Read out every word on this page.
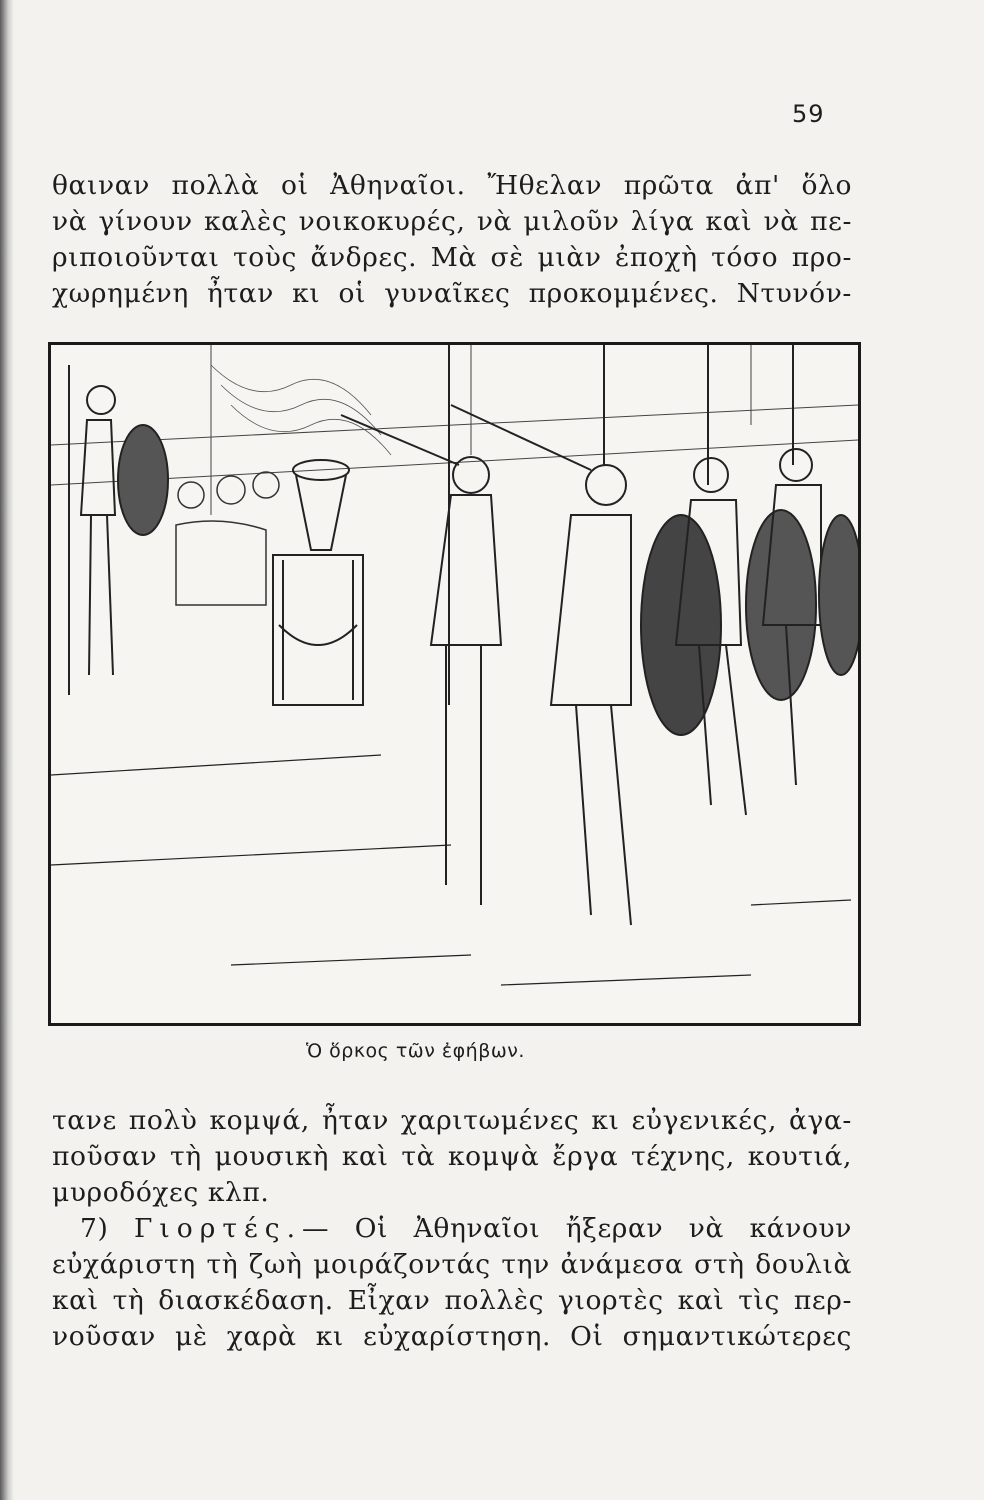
59
θαιναν πολλὰ οἱ Ἀθηναῖοι. Ἤθελαν πρῶτα ἀπ' ὅλο
νὰ γίνουν καλὲς νοικοκυρές, νὰ μιλοῦν λίγα καὶ νὰ πε-
ριποιοῦνται τοὺς ἄνδρες. Μὰ σὲ μιὰν ἐποχὴ τόσο προ-
χωρημένη ἦταν κι οἱ γυναῖκες προκομμένες. Ντυνόν-
Ὁ ὅρκος τῶν ἐφήβων.
τανε πολὺ κομψά, ἦταν χαριτωμένες κι εὐγενικές, ἀγα-
ποῦσαν τὴ μουσικὴ καὶ τὰ κομψὰ ἔργα τέχνης, κουτιά,
μυροδόχες κλπ.
7) Γιορτές.— Οἱ Ἀθηναῖοι ἤξεραν νὰ κάνουν
εὐχάριστη τὴ ζωὴ μοιράζοντάς την ἀνάμεσα στὴ δουλιὰ
καὶ τὴ διασκέδαση. Εἶχαν πολλὲς γιορτὲς καὶ τὶς περ-
νοῦσαν μὲ χαρὰ κι εὐχαρίστηση. Οἱ σημαντικώτερες
